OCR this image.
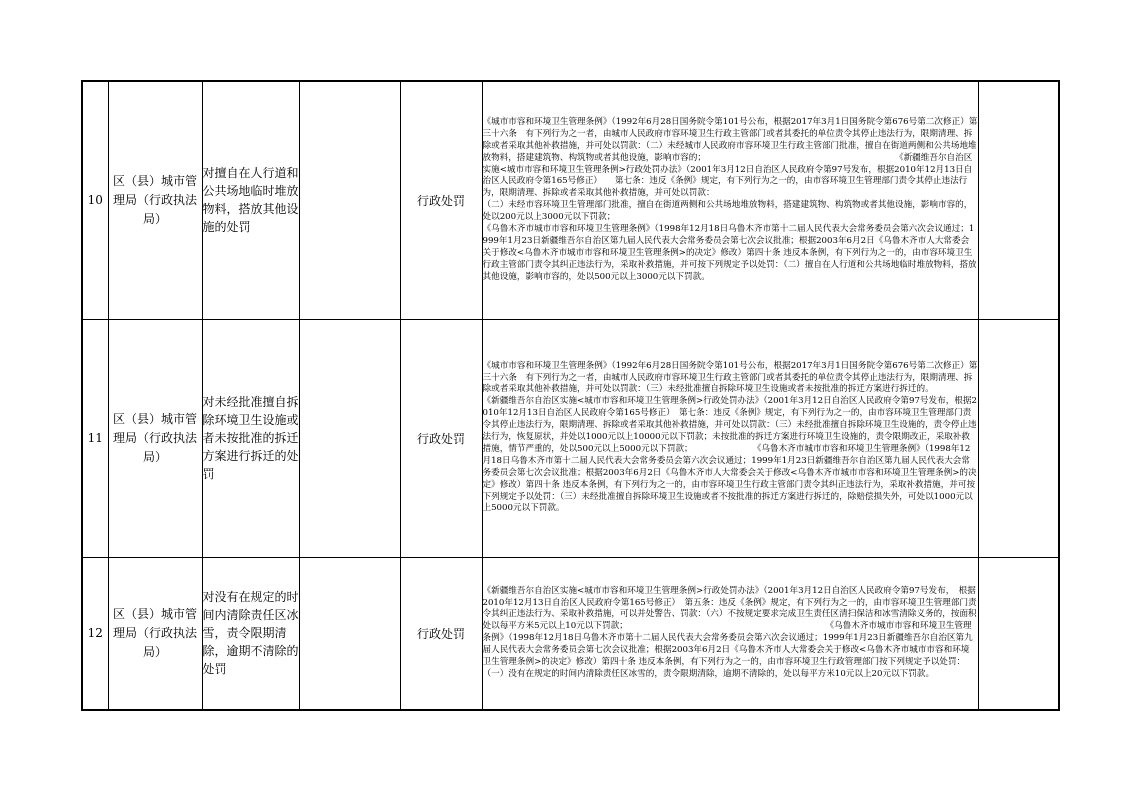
10	区（县）城市管理局（行政执法局）	对擅自在人行道和公共场地临时堆放物料，搭放其他设施的处罚		行政处罚	《城市市容和环境卫生管理条例》（1992年6月28日国务院令第101号公布，根据2017年3月1日国务院令第676号第二次修正）第三十六条　有下列行为之一者，由城市人民政府市容环境卫生行政主管部门或者其委托的单位责令其停止违法行为，限期清理、拆除或者采取其他补救措施，并可处以罚款：（二）未经城市人民政府市容环境卫生行政主管部门批准，擅自在街道两侧和公共场地堆放物料，搭建建筑物、构筑物或者其他设施，影响市容的；　　　　　　　　　　　　　　　　　　　　　　　《新疆维吾尔自治区实施<城市市容和环境卫生管理条例>行政处罚办法》（2001年3月12日自治区人民政府令第97号发布，根据2010年12月13日自治区人民政府令第165号修正）　　第七条：违反《条例》规定，有下列行为之一的，由市容环境卫生管理部门责令其停止违法行为，限期清理、拆除或者采取其他补救措施，并可处以罚款：

（二）未经市容环境卫生管理部门批准，擅自在街道两侧和公共场地堆放物料，搭建建筑物、构筑物或者其他设施，影响市容的，处以200元以上3000元以下罚款；

《乌鲁木齐市城市市容和环境卫生管理条例》（1998年12月18日乌鲁木齐市第十二届人民代表大会常务委员会第六次会议通过；1999年1月23日新疆维吾尔自治区第九届人民代表大会常务委员会第七次会议批准；根据2003年6月2日《乌鲁木齐市人大常委会关于修改<乌鲁木齐市城市市容和环境卫生管理条例>的决定》修改）第四十条 违反本条例，有下列行为之一的，由市容环境卫生行政主管部门责令其纠正违法行为，采取补救措施，并可按下列规定予以处罚：（二）擅自在人行道和公共场地临时堆放物料，搭放其他设施，影响市容的，处以500元以上3000元以下罚款。	

11	区（县）城市管理局（行政执法局）	对未经批准擅自拆除环境卫生设施或者未按批准的拆迁方案进行拆迁的处罚		行政处罚	《城市市容和环境卫生管理条例》（1992年6月28日国务院令第101号公布，根据2017年3月1日国务院令第676号第二次修正）第三十六条　有下列行为之一者，由城市人民政府市容环境卫生行政主管部门或者其委托的单位责令其停止违法行为，限期清理、拆除或者采取其他补救措施，并可处以罚款：（三）未经批准擅自拆除环境卫生设施或者未按批准的拆迁方案进行拆迁的。

《新疆维吾尔自治区实施<城市市容和环境卫生管理条例>行政处罚办法》（2001年3月12日自治区人民政府令第97号发布，根据2010年12月13日自治区人民政府令第165号修正）　第七条：违反《条例》规定，有下列行为之一的，由市容环境卫生管理部门责令其停止违法行为，限期清理、拆除或者采取其他补救措施，并可处以罚款：（三）未经批准擅自拆除环境卫生设施的，责令停止违法行为，恢复原状，并处以1000元以上10000元以下罚款；未按批准的拆迁方案进行环境卫生设施的，责令限期改正，采取补救措施，情节严重的，处以500元以上5000元以下罚款；　　　　　　　　《乌鲁木齐市城市市容和环境卫生管理条例》（1998年12月18日乌鲁木齐市第十二届人民代表大会常务委员会第六次会议通过；1999年1月23日新疆维吾尔自治区第九届人民代表大会常务委员会第七次会议批准；根据2003年6月2日《乌鲁木齐市人大常委会关于修改<乌鲁木齐市城市市容和环境卫生管理条例>的决定》修改）第四十条 违反本条例，有下列行为之一的，由市容环境卫生行政主管部门责令其纠正违法行为，采取补救措施，并可按下列规定予以处罚：（三）未经批准擅自拆除环境卫生设施或者不按批准的拆迁方案进行拆迁的，除赔偿损失外，可处以1000元以上5000元以下罚款。	

12	区（县）城市管理局（行政执法局）	对没有在规定的时间内清除责任区冰雪，责令限期清除，逾期不清除的处罚		行政处罚	《新疆维吾尔自治区实施<城市市容和环境卫生管理条例>行政处罚办法》（2001年3月12日自治区人民政府令第97号发布，　根据2010年12月13日自治区人民政府令第165号修正）　第五条：违反《条例》规定，有下列行为之一的，由市容环境卫生管理部门责令其纠正违法行为、采取补救措施，可以并处警告、罚款：（六）不按规定要求完成卫生责任区清扫保洁和冰雪清除义务的，按面积处以每平方米5元以上10元以下罚款；　　　　　　　　　　　　　　　　　　　　　　　　《乌鲁木齐市城市市容和环境卫生管理条例》（1998年12月18日乌鲁木齐市第十二届人民代表大会常务委员会第六次会议通过；1999年1月23日新疆维吾尔自治区第九届人民代表大会常务委员会第七次会议批准；根据2003年6月2日《乌鲁木齐市人大常委会关于修改<乌鲁木齐市城市市容和环境卫生管理条例>的决定》修改）第四十条 违反本条例，有下列行为之一的，由市容环境卫生行政管理部门按下列规定予以处罚：（一）没有在规定的时间内清除责任区冰雪的，责令限期清除，逾期不清除的，处以每平方米10元以上20元以下罚款。	
